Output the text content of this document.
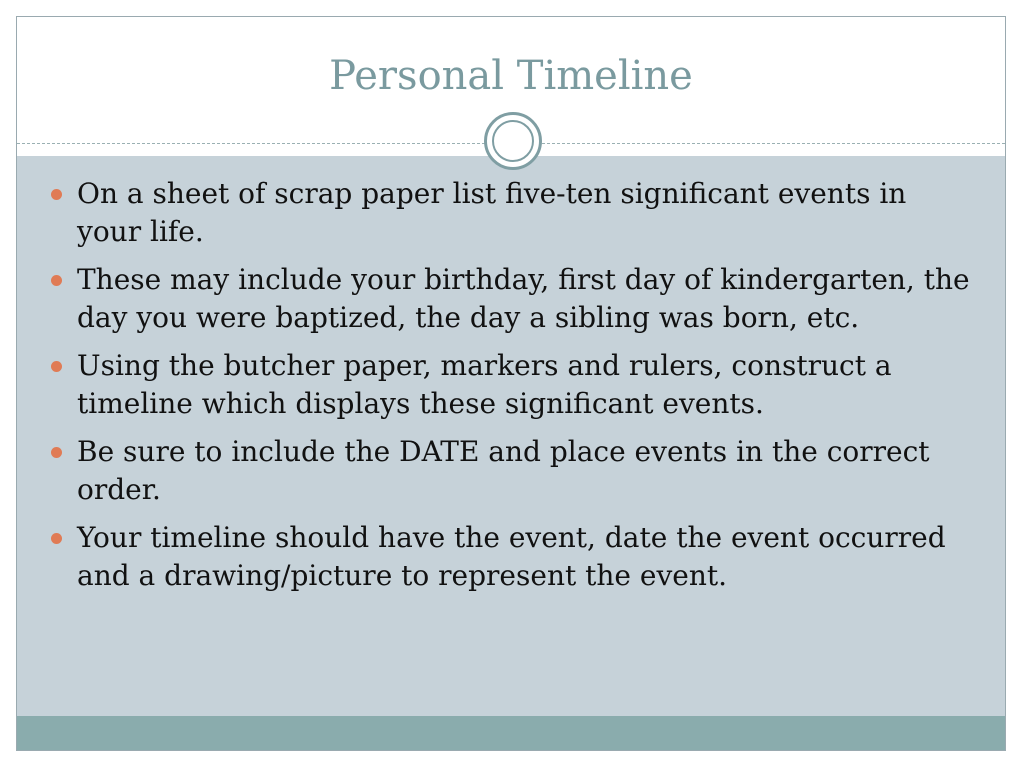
Personal Timeline
On a sheet of scrap paper list five-ten significant events in your life.
These may include your birthday, first day of kindergarten, the day you were baptized, the day a sibling was born, etc.
Using the butcher paper, markers and rulers, construct a timeline which displays these significant events.
Be sure to include the DATE and place events in the correct order.
Your timeline should have the event, date the event occurred and a drawing/picture to represent the event.
